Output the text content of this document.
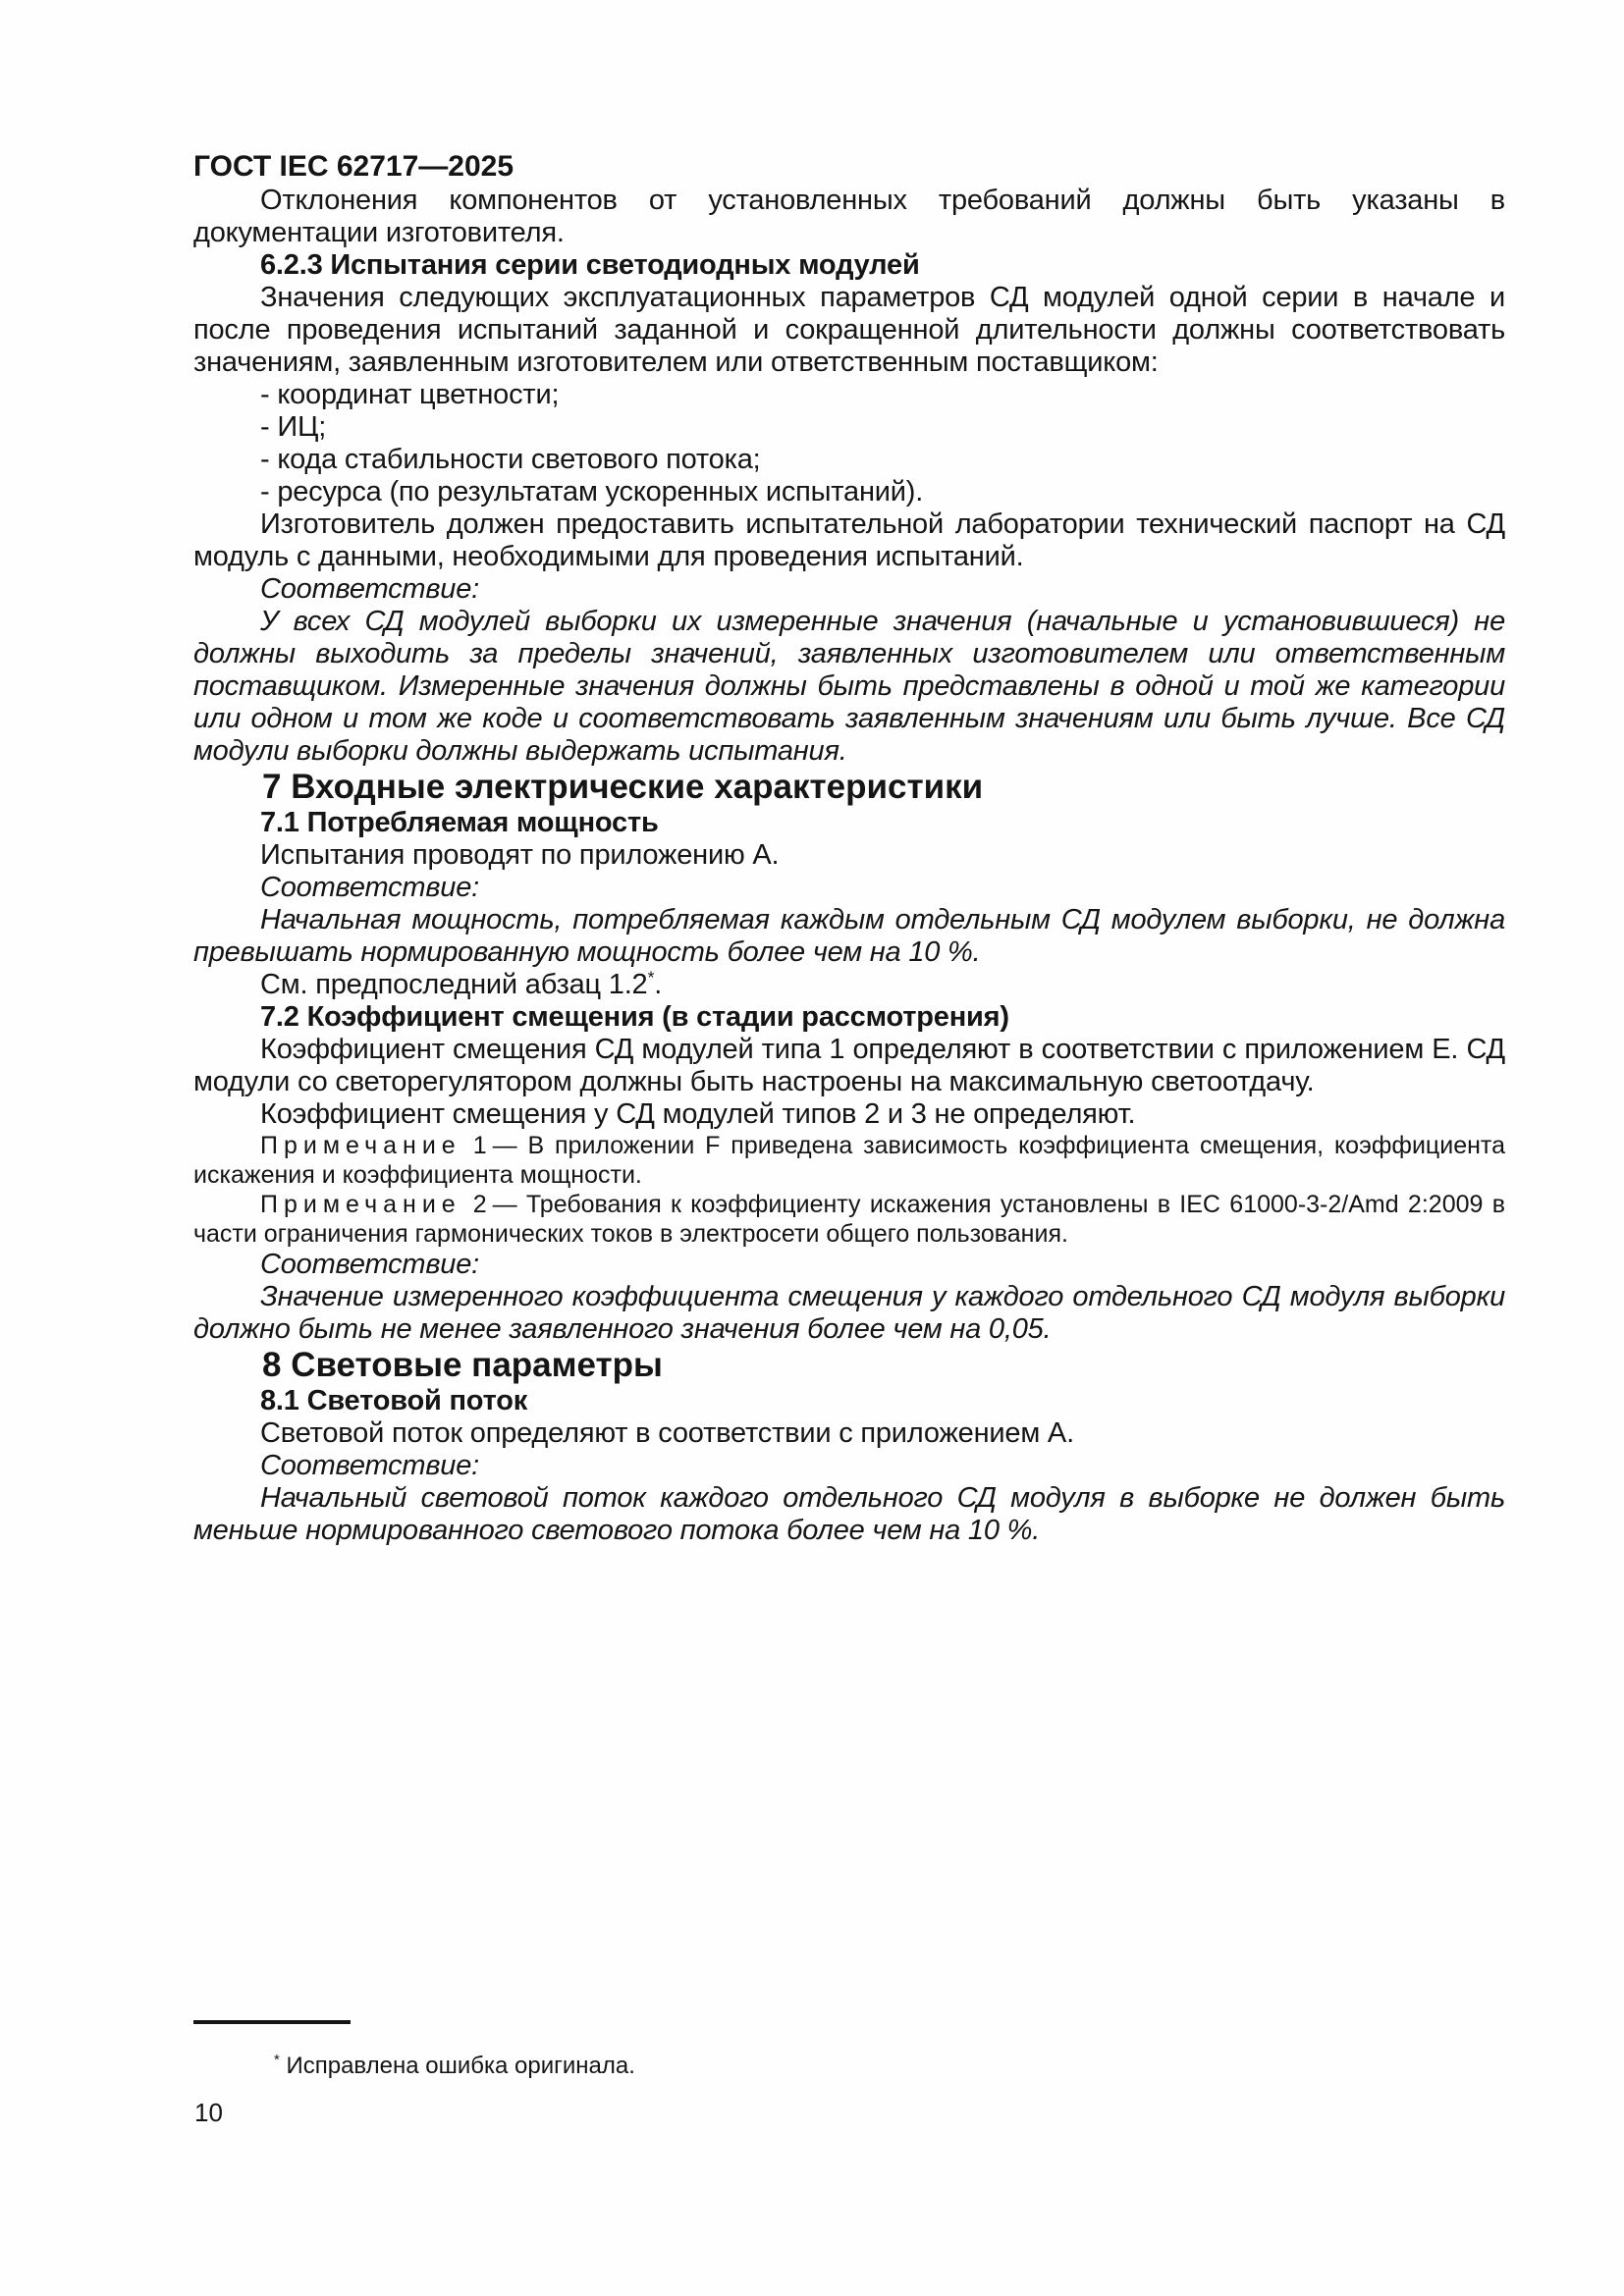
ГОСТ IEC 62717—2025

Отклонения компонентов от установленных требований должны быть указаны в документации изготовителя.

6.2.3 Испытания серии светодиодных модулей

Значения следующих эксплуатационных параметров СД модулей одной серии в начале и после проведения испытаний заданной и сокращенной длительности должны соответствовать значениям, заявленным изготовителем или ответственным поставщиком:

- координат цветности;

- ИЦ;

- кода стабильности светового потока;

- ресурса (по результатам ускоренных испытаний).

Изготовитель должен предоставить испытательной лаборатории технический паспорт на СД модуль с данными, необходимыми для проведения испытаний.

Соответствие:

У всех СД модулей выборки их измеренные значения (начальные и установившиеся) не должны выходить за пределы значений, заявленных изготовителем или ответственным поставщиком. Измеренные значения должны быть представлены в одной и той же категории или одном и том же коде и соответствовать заявленным значениям или быть лучше. Все СД модули выборки должны выдержать испытания.

7 Входные электрические характеристики
7.1 Потребляемая мощность

Испытания проводят по приложению А.

Соответствие:

Начальная мощность, потребляемая каждым отдельным СД модулем выборки, не должна превышать нормированную мощность более чем на 10 %.

См. предпоследний абзац 1.2*.

7.2 Коэффициент смещения (в стадии рассмотрения)

Коэффициент смещения СД модулей типа 1 определяют в соответствии с приложением Е. СД модули со светорегулятором должны быть настроены на максимальную светоотдачу.

Коэффициент смещения у СД модулей типов 2 и 3 не определяют.

Примечание 1 — В приложении F приведена зависимость коэффициента смещения, коэффициента искажения и коэффициента мощности.

Примечание 2 — Требования к коэффициенту искажения установлены в IEC 61000-3-2/Amd 2:2009 в части ограничения гармонических токов в электросети общего пользования.

Соответствие:

Значение измеренного коэффициента смещения у каждого отдельного СД модуля выборки должно быть не менее заявленного значения более чем на 0,05.

8 Световые параметры
8.1 Световой поток

Световой поток определяют в соответствии с приложением А.

Соответствие:

Начальный световой поток каждого отдельного СД модуля в выборке не должен быть меньше нормированного светового потока более чем на 10 %.

* Исправлена ошибка оригинала.

10
